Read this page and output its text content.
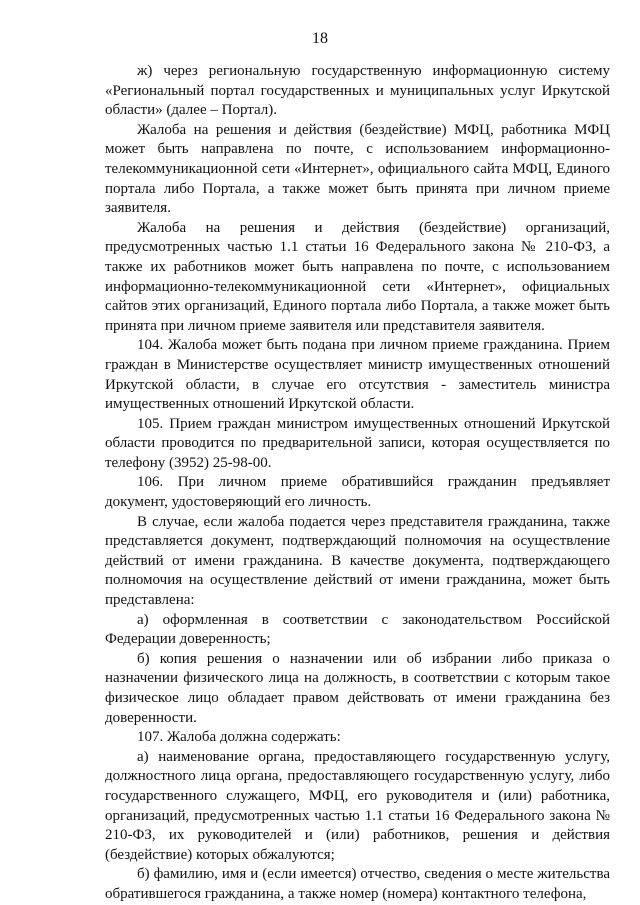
18

ж) через региональную государственную информационную систему «Региональный портал государственных и муниципальных услуг Иркутской области» (далее – Портал).

Жалоба на решения и действия (бездействие) МФЦ, работника МФЦ может быть направлена по почте, с использованием информационно-телекоммуникационной сети «Интернет», официального сайта МФЦ, Единого портала либо Портала, а также может быть принята при личном приеме заявителя.

Жалоба на решения и действия (бездействие) организаций, предусмотренных частью 1.1 статьи 16 Федерального закона № 210-ФЗ, а также их работников может быть направлена по почте, с использованием информационно-телекоммуникационной сети «Интернет», официальных сайтов этих организаций, Единого портала либо Портала, а также может быть принята при личном приеме заявителя или представителя заявителя.

104. Жалоба может быть подана при личном приеме гражданина. Прием граждан в Министерстве осуществляет министр имущественных отношений Иркутской области, в случае его отсутствия - заместитель министра имущественных отношений Иркутской области.

105. Прием граждан министром имущественных отношений Иркутской области проводится по предварительной записи, которая осуществляется по телефону (3952) 25-98-00.

106. При личном приеме обратившийся гражданин предъявляет документ, удостоверяющий его личность.

В случае, если жалоба подается через представителя гражданина, также представляется документ, подтверждающий полномочия на осуществление действий от имени гражданина. В качестве документа, подтверждающего полномочия на осуществление действий от имени гражданина, может быть представлена:

а) оформленная в соответствии с законодательством Российской Федерации доверенность;

б) копия решения о назначении или об избрании либо приказа о назначении физического лица на должность, в соответствии с которым такое физическое лицо обладает правом действовать от имени гражданина без доверенности.

107. Жалоба должна содержать:

а) наименование органа, предоставляющего государственную услугу, должностного лица органа, предоставляющего государственную услугу, либо государственного служащего, МФЦ, его руководителя и (или) работника, организаций, предусмотренных частью 1.1 статьи 16 Федерального закона № 210-ФЗ, их руководителей и (или) работников, решения и действия (бездействие) которых обжалуются;

б) фамилию, имя и (если имеется) отчество, сведения о месте жительства обратившегося гражданина, а также номер (номера) контактного телефона,
